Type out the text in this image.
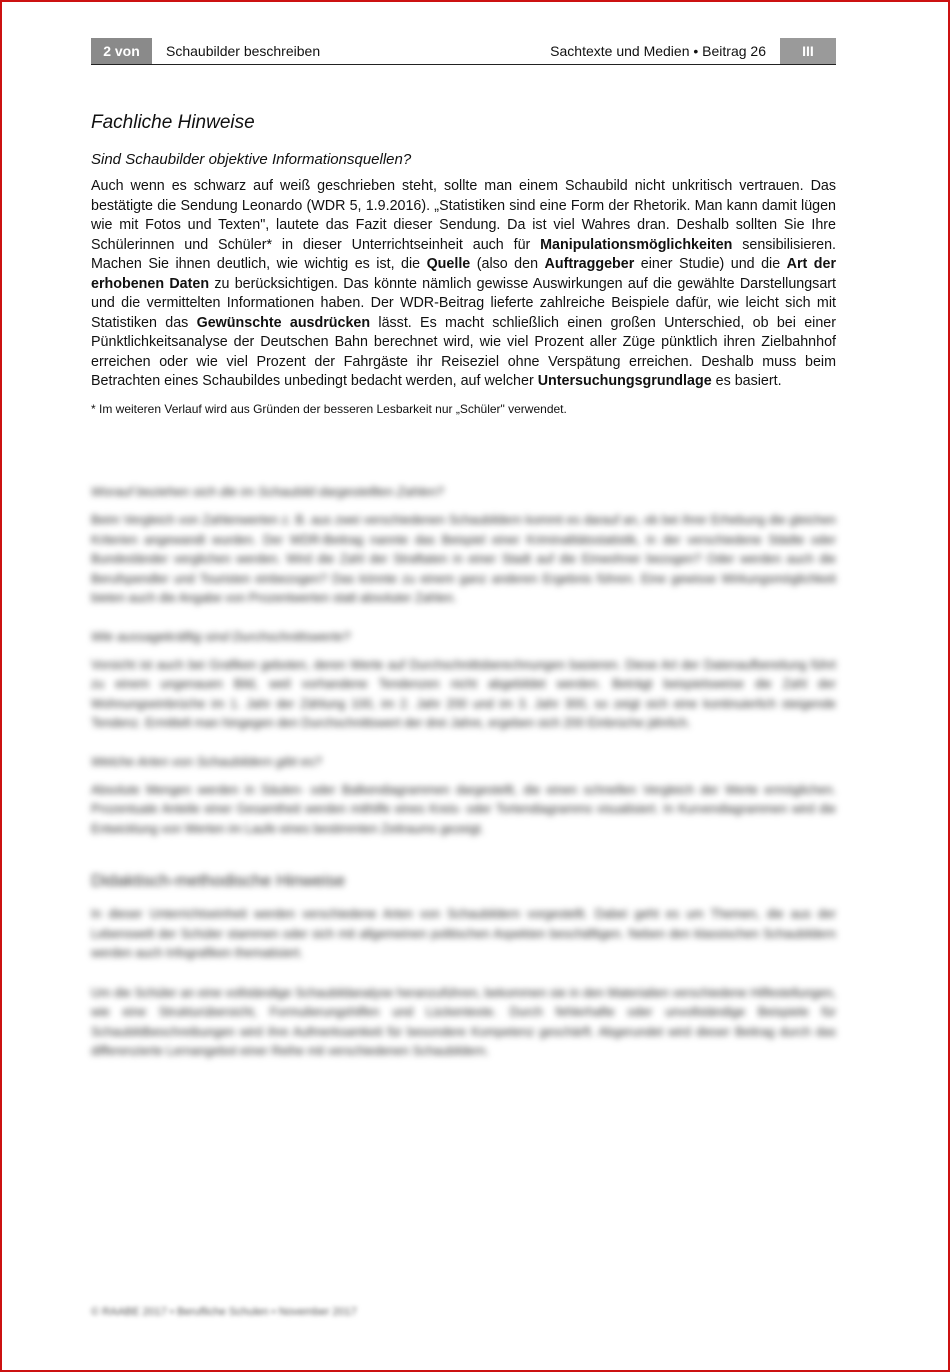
2 von 28
Schaubilder beschreiben	Sachtexte und Medien • Beitrag 26	III
Fachliche Hinweise
Sind Schaubilder objektive Informationsquellen?

Auch wenn es schwarz auf weiß geschrieben steht, sollte man einem Schaubild nicht unkritisch vertrauen. Das bestätigte die Sendung Leonardo (WDR 5, 1.9.2016). „Statistiken sind eine Form der Rhetorik. Man kann damit lügen wie mit Fotos und Texten", lautete das Fazit dieser Sendung. Da ist viel Wahres dran. Deshalb sollten Sie Ihre Schülerinnen und Schüler* in dieser Unterrichtseinheit auch für Manipulationsmöglichkeiten sensibilisieren. Machen Sie ihnen deutlich, wie wichtig es ist, die Quelle (also den Auftraggeber einer Studie) und die Art der erhobenen Daten zu berücksichtigen. Das könnte nämlich gewisse Auswirkungen auf die gewählte Darstellungsart und die vermittelten Informationen haben. Der WDR-Beitrag lieferte zahlreiche Beispiele dafür, wie leicht sich mit Statistiken das Gewünschte ausdrücken lässt. Es macht schließlich einen großen Unterschied, ob bei einer Pünktlichkeitsanalyse der Deutschen Bahn berechnet wird, wie viel Prozent aller Züge pünktlich ihren Zielbahnhof erreichen oder wie viel Prozent der Fahrgäste ihr Reiseziel ohne Verspätung erreichen. Deshalb muss beim Betrachten eines Schaubildes unbedingt bedacht werden, auf welcher Untersuchungsgrundlage es basiert.

* Im weiteren Verlauf wird aus Gründen der besseren Lesbarkeit nur „Schüler" verwendet.
Worauf beziehen sich die im Schaubild dargestellten Zahlen?

Beim Vergleich von Zahlenwerten z. B. aus zwei verschiedenen Schaubildern kommt es darauf an, ob bei ihrer Erhebung die gleichen Kriterien angewandt wurden. Der WDR-Beitrag nannte das Beispiel einer Kriminalitätsstatistik, in der verschiedene Städte oder Bundesländer verglichen werden. Wird die Zahl der Straftaten in einer Stadt auf die Einwohner bezogen? Oder werden auch die Berufspendler und Touristen einbezogen? Das könnte zu einem ganz anderen Ergebnis führen. Eine gewisse Wirkungsmöglichkeit bieten auch die Angabe von Prozentwerten statt absoluter Zahlen.

Wie aussagekräftig sind Durchschnittswerte?

Vorsicht ist auch bei Grafiken geboten, deren Werte auf Durchschnittsberechnungen basieren. Diese Art der Datenaufbereitung führt zu einem ungenauen Bild, weil vorhandene Tendenzen nicht abgebildet werden. Beträgt beispielsweise die Zahl der Wohnungseinbrüche im 1. Jahr der Zählung 100, im 2. Jahr 200 und im 3. Jahr 300, so zeigt sich eine kontinuierlich steigende Tendenz. Ermittelt man hingegen den Durchschnittswert der drei Jahre, ergeben sich 200 Einbrüche jährlich.

Welche Arten von Schaubildern gibt es?

Absolute Mengen werden in Säulen- oder Balkendiagrammen dargestellt, die einen schnellen Vergleich der Werte ermöglichen. Prozentuale Anteile einer Gesamtheit werden mithilfe eines Kreis- oder Tortendiagramms visualisiert. In Kurvendiagrammen wird die Entwicklung von Werten im Laufe eines bestimmten Zeitraums gezeigt.

Didaktisch-methodische Hinweise

In dieser Unterrichtseinheit werden verschiedene Arten von Schaubildern vorgestellt. Dabei geht es um Themen, die aus der Lebenswelt der Schüler stammen oder sich mit allgemeinen politischen Aspekten beschäftigen. Neben den klassischen Schaubildern werden auch Infografiken thematisiert.

Um die Schüler an eine vollständige Schaubildanalyse heranzuführen, bekommen sie in den Materialien verschiedene Hilfestellungen, wie eine Strukturübersicht, Formulierungshilfen und Lückentexte. Durch fehlerhafte oder unvollständige Beispiele für Schaubildbeschreibungen wird ihre Aufmerksamkeit für besondere Kompetenz geschärft. Abgerundet wird dieser Beitrag durch das differenzierte Lernangebot einer Reihe mit verschiedenen Schaubildern.

© RAABE 2017 • Berufliche Schulen • November 2017
